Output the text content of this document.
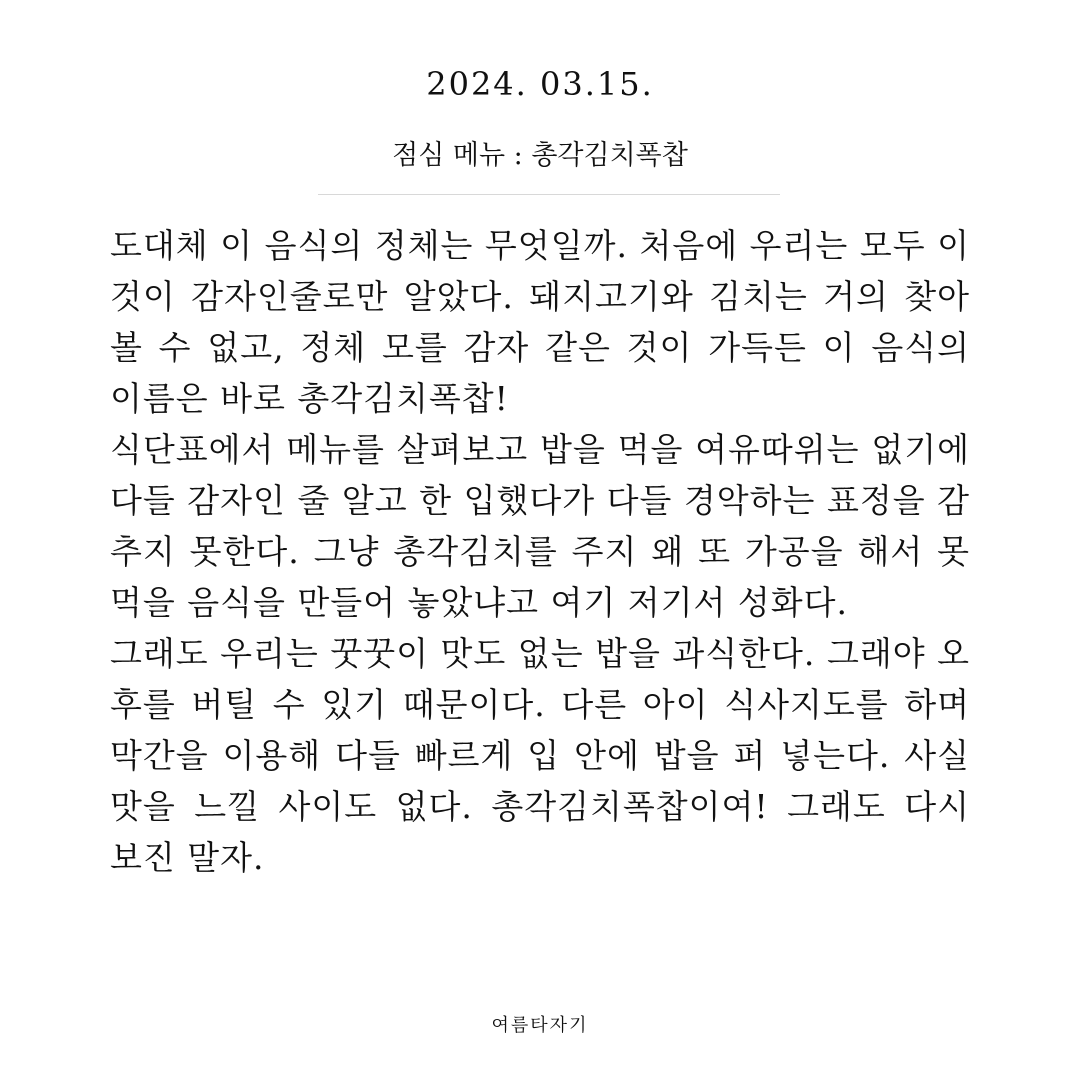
2024. 03.15.
점심 메뉴 : 총각김치폭찹

도대체 이 음식의 정체는 무엇일까. 처음에 우리는 모두 이것이 감자인줄로만 알았다. 돼지고기와 김치는 거의 찾아볼 수 없고, 정체 모를 감자 같은 것이 가득든 이 음식의 이름은 바로 총각김치폭찹!

식단표에서 메뉴를 살펴보고 밥을 먹을 여유따위는 없기에 다들 감자인 줄 알고 한 입했다가 다들 경악하는 표정을 감추지 못한다. 그냥 총각김치를 주지 왜 또 가공을 해서 못 먹을 음식을 만들어 놓았냐고 여기 저기서 성화다.

그래도 우리는 꿋꿋이 맛도 없는 밥을 과식한다. 그래야 오후를 버틸 수 있기 때문이다. 다른 아이 식사지도를 하며 막간을 이용해 다들 빠르게 입 안에 밥을 퍼 넣는다. 사실 맛을 느낄 사이도 없다. 총각김치폭찹이여! 그래도 다시 보진 말자.

여름타자기
